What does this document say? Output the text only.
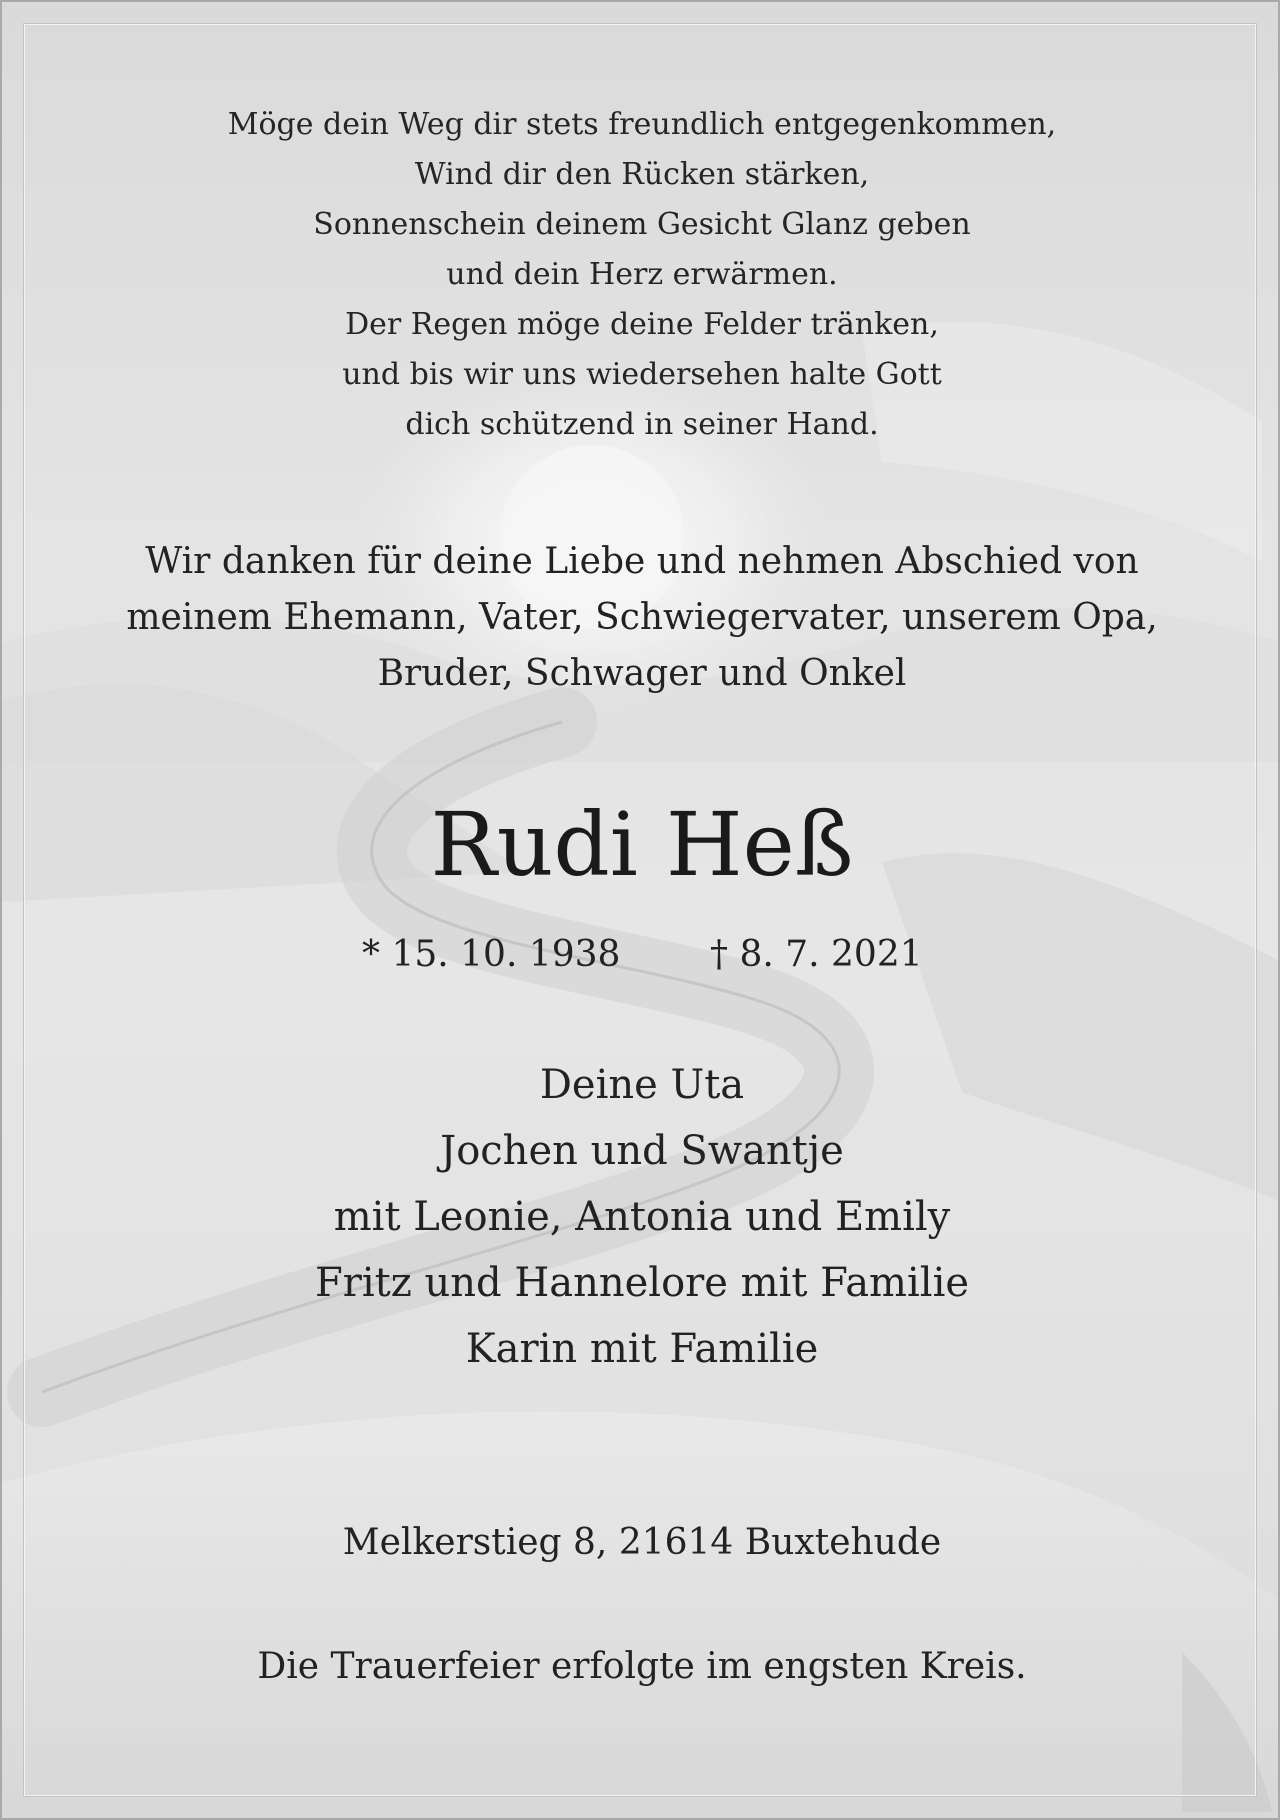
Möge dein Weg dir stets freundlich entgegenkommen,
Wind dir den Rücken stärken,
Sonnenschein deinem Gesicht Glanz geben
und dein Herz erwärmen.
Der Regen möge deine Felder tränken,
und bis wir uns wiedersehen halte Gott
dich schützend in seiner Hand.
Wir danken für deine Liebe und nehmen Abschied von
meinem Ehemann, Vater, Schwiegervater, unserem Opa,
Bruder, Schwager und Onkel
Rudi Heß
* 15. 10. 1938 † 8. 7. 2021
Deine Uta
Jochen und Swantje
mit Leonie, Antonia und Emily
Fritz und Hannelore mit Familie
Karin mit Familie
Melkerstieg 8, 21614 Buxtehude
Die Trauerfeier erfolgte im engsten Kreis.
